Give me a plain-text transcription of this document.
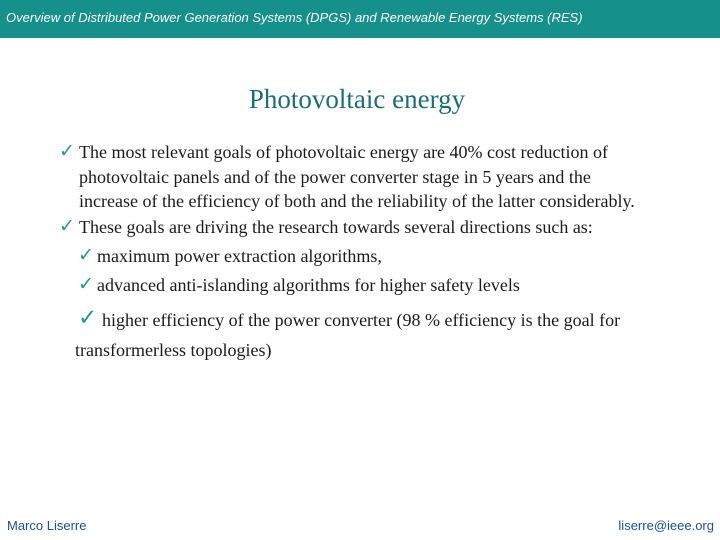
Overview of Distributed Power Generation Systems (DPGS) and Renewable Energy Systems (RES)
Photovoltaic energy
✓ The most relevant goals of photovoltaic energy are 40% cost reduction of
photovoltaic panels and of the power converter stage in 5 years and the
increase of the efficiency of both and the reliability of the latter considerably.
✓ These goals are driving the research towards several directions such as:
✓ maximum power extraction algorithms,
✓ advanced anti-islanding algorithms for higher safety levels
✓ higher efficiency of the power converter (98 % efficiency is the goal for
transformerless topologies)
Marco Liserre	liserre@ieee.org
